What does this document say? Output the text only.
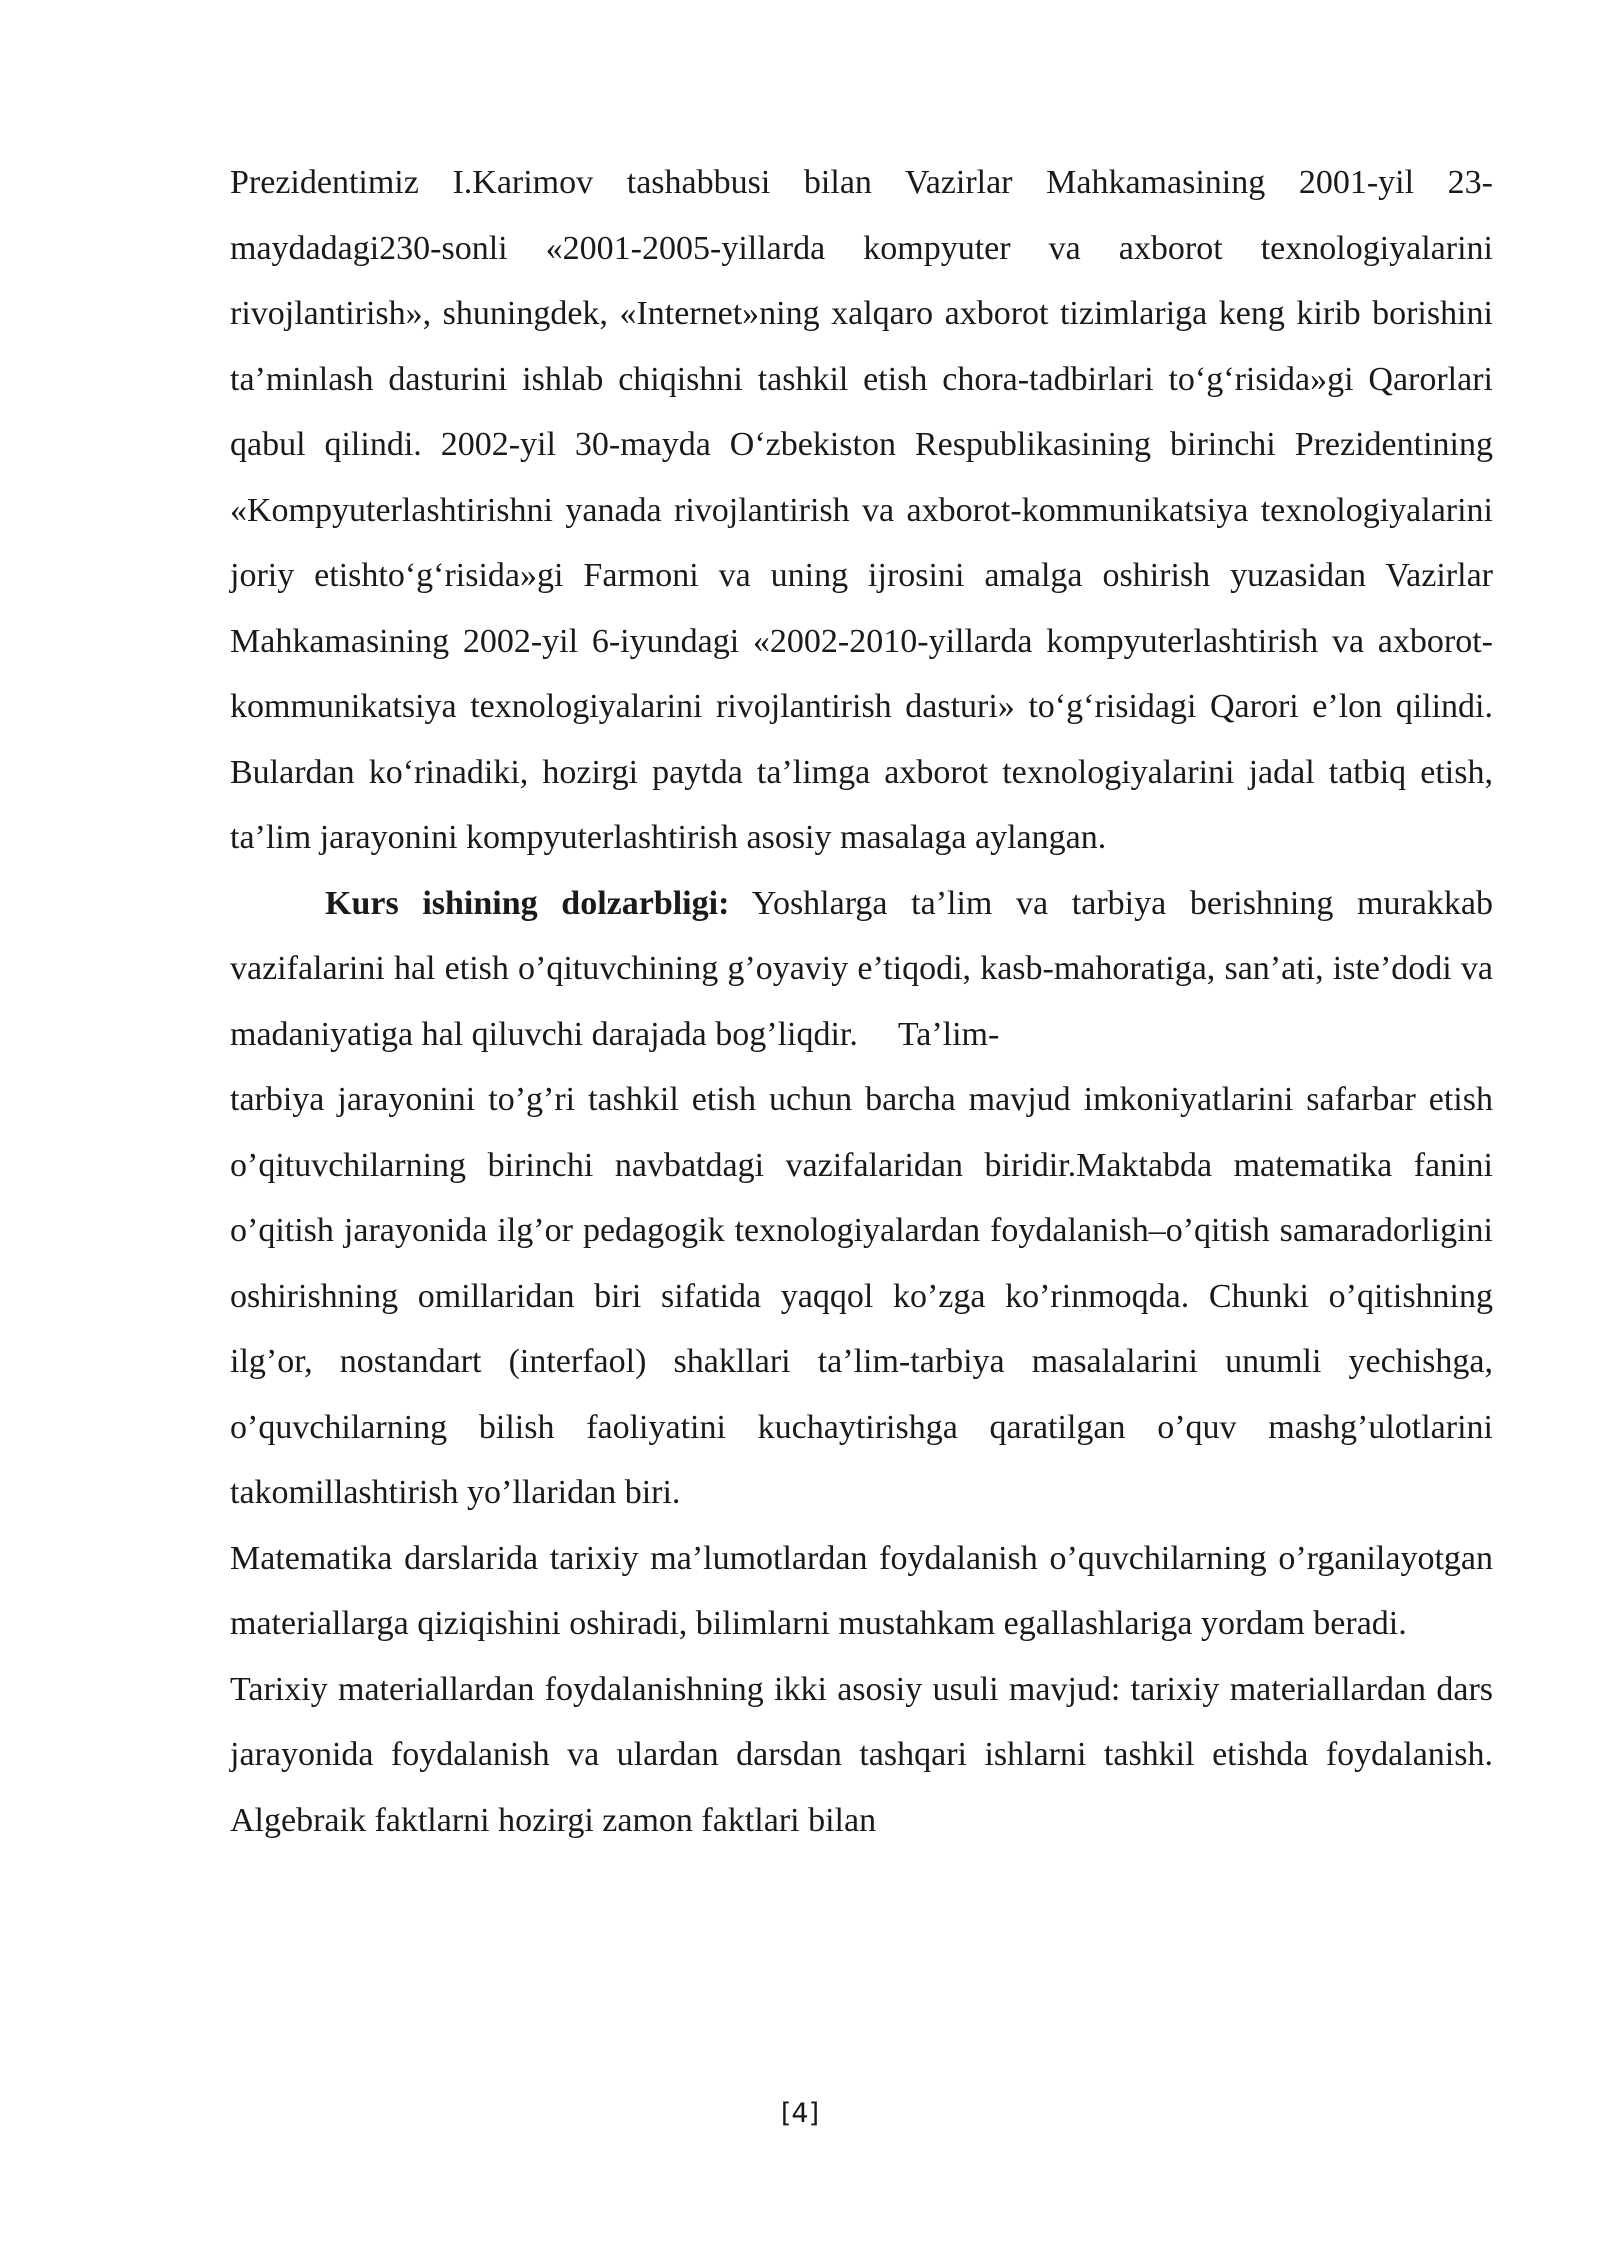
Prezidentimiz I.Karimov tashabbusi bilan Vazirlar Mahkamasining 2001-yil 23-maydadagi230-sonli «2001-2005-yillarda kompyuter va axborot texnologiyalarini rivojlantirish», shuningdek, «Internet»ning xalqaro axborot tizimlariga keng kirib borishini ta’minlash dasturini ishlab chiqishni tashkil etish chora-tadbirlari to‘g‘risida»gi Qarorlari qabul qilindi. 2002-yil 30-mayda O‘zbekiston Respublikasining birinchi Prezidentining «Kompyuterlashtirishni yanada rivojlantirish va axborot-kommunikatsiya texnologiyalarini joriy etishto‘g‘risida»gi Farmoni va uning ijrosini amalga oshirish yuzasidan Vazirlar Mahkamasining 2002-yil 6-iyundagi «2002-2010-yillarda kompyuterlashtirish va axborot-kommunikatsiya texnologiyalarini rivojlantirish dasturi» to‘g‘risidagi Qarori e’lon qilindi. Bulardan ko‘rinadiki, hozirgi paytda ta’limga axborot texnologiyalarini jadal tatbiq etish, ta’lim jarayonini kompyuterlashtirish asosiy masalaga aylangan.

Kurs ishining dolzarbligi: Yoshlarga ta’lim va tarbiya berishning murakkab vazifalarini hal etish o’qituvchining g’oyaviy e’tiqodi, kasb-mahoratiga, san’ati, iste’dodi va madaniyatiga hal qiluvchi darajada bog’liqdir. Ta’lim-

tarbiya jarayonini to’g’ri tashkil etish uchun barcha mavjud imkoniyatlarini safarbar etish o’qituvchilarning birinchi navbatdagi vazifalaridan biridir.Maktabda matematika fanini o’qitish jarayonida ilg’or pedagogik texnologiyalardan foydalanish–o’qitish samaradorligini oshirishning omillaridan biri sifatida yaqqol ko’zga ko’rinmoqda. Chunki o’qitishning ilg’or, nostandart (interfaol) shakllari ta’lim-tarbiya masalalarini unumli yechishga, o’quvchilarning bilish faoliyatini kuchaytirishga qaratilgan o’quv mashg’ulotlarini takomillashtirish yo’llaridan biri.

Matematika darslarida tarixiy ma’lumotlardan foydalanish o’quvchilarning o’rganilayotgan materiallarga qiziqishini oshiradi, bilimlarni mustahkam egallashlariga yordam beradi.

Tarixiy materiallardan foydalanishning ikki asosiy usuli mavjud: tarixiy materiallardan dars jarayonida foydalanish va ulardan darsdan tashqari ishlarni tashkil etishda foydalanish. Algebraik faktlarni hozirgi zamon faktlari bilan

[4]
